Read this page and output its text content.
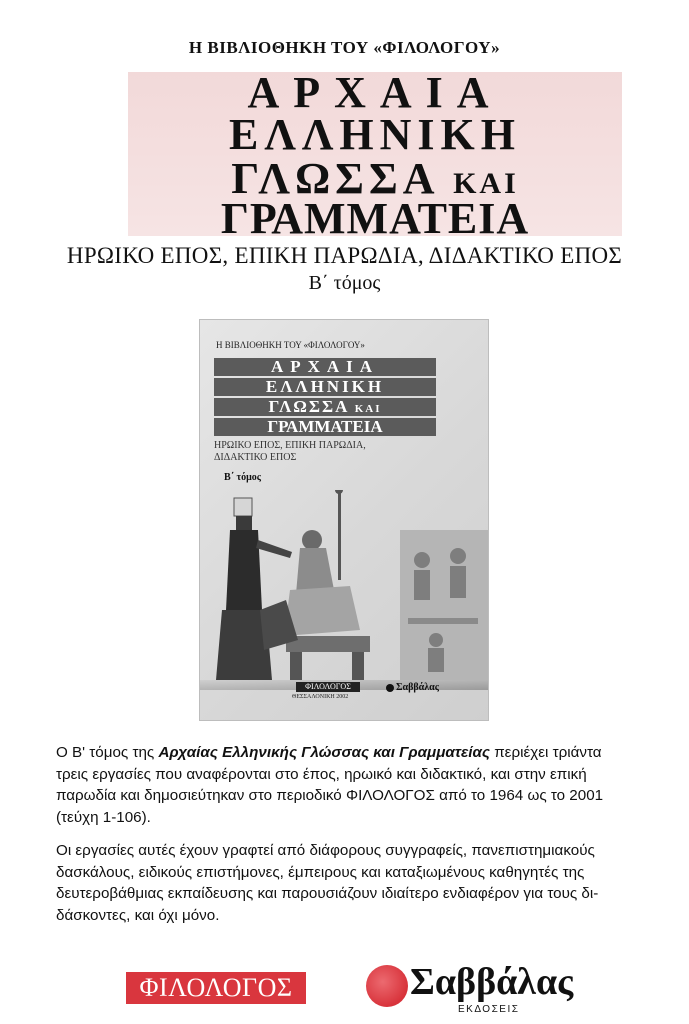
Η ΒΙΒΛΙΟΘΗΚΗ ΤΟΥ «ΦΙΛΟΛΟΓΟΥ»
ΑΡΧΑΙΑ
ΕΛΛΗΝΙΚΗ
ΓΛΩΣΣΑ ΚΑΙ
ΓΡΑΜΜΑΤΕΙΑ
ΗΡΩΙΚΟ ΕΠΟΣ, ΕΠΙΚΗ ΠΑΡΩΔΙΑ, ΔΙΔΑΚΤΙΚΟ ΕΠΟΣ
Β΄ τόμος
Η ΒΙΒΛΙΟΘΗΚΗ ΤΟΥ «ΦΙΛΟΛΟΓΟΥ»
ΑΡΧΑΙΑ
ΕΛΛΗΝΙΚΗ
ΓΛΩΣΣΑ ΚΑΙ
ΓΡΑΜΜΑΤΕΙΑ
ΗΡΩΙΚΟ ΕΠΟΣ, ΕΠΙΚΗ ΠΑΡΩΔΙΑ,
ΔΙΔΑΚΤΙΚΟ ΕΠΟΣ
Β΄ τόμος
ΦΙΛΟΛΟΓΟΣ
ΘΕΣΣΑΛΟΝΙΚΗ 2002
Σαββάλας
Ο Β' τόμος της Αρχαίας Ελληνικής Γλώσσας και Γραμματείας περιέχει τριάντα
τρεις εργασίες που αναφέρονται στο έπος, ηρωικό και διδακτικό, και στην επική
παρωδία και δημοσιεύτηκαν στο περιοδικό ΦΙΛΟΛΟΓΟΣ από το 1964 ως το 2001
(τεύχη 1-106).
Οι εργασίες αυτές έχουν γραφτεί από διάφορους συγγραφείς, πανεπιστημιακούς
δασκάλους, ειδικούς επιστήμονες, έμπειρους και καταξιωμένους καθηγητές της
δευτεροβάθμιας εκπαίδευσης και παρουσιάζουν ιδιαίτερο ενδιαφέρον για τους δι-
δάσκοντες, και όχι μόνο.
ΦΙΛΟΛΟΓΟΣ	Σαββάλας
ΕΚΔΟΣΕΙΣ
